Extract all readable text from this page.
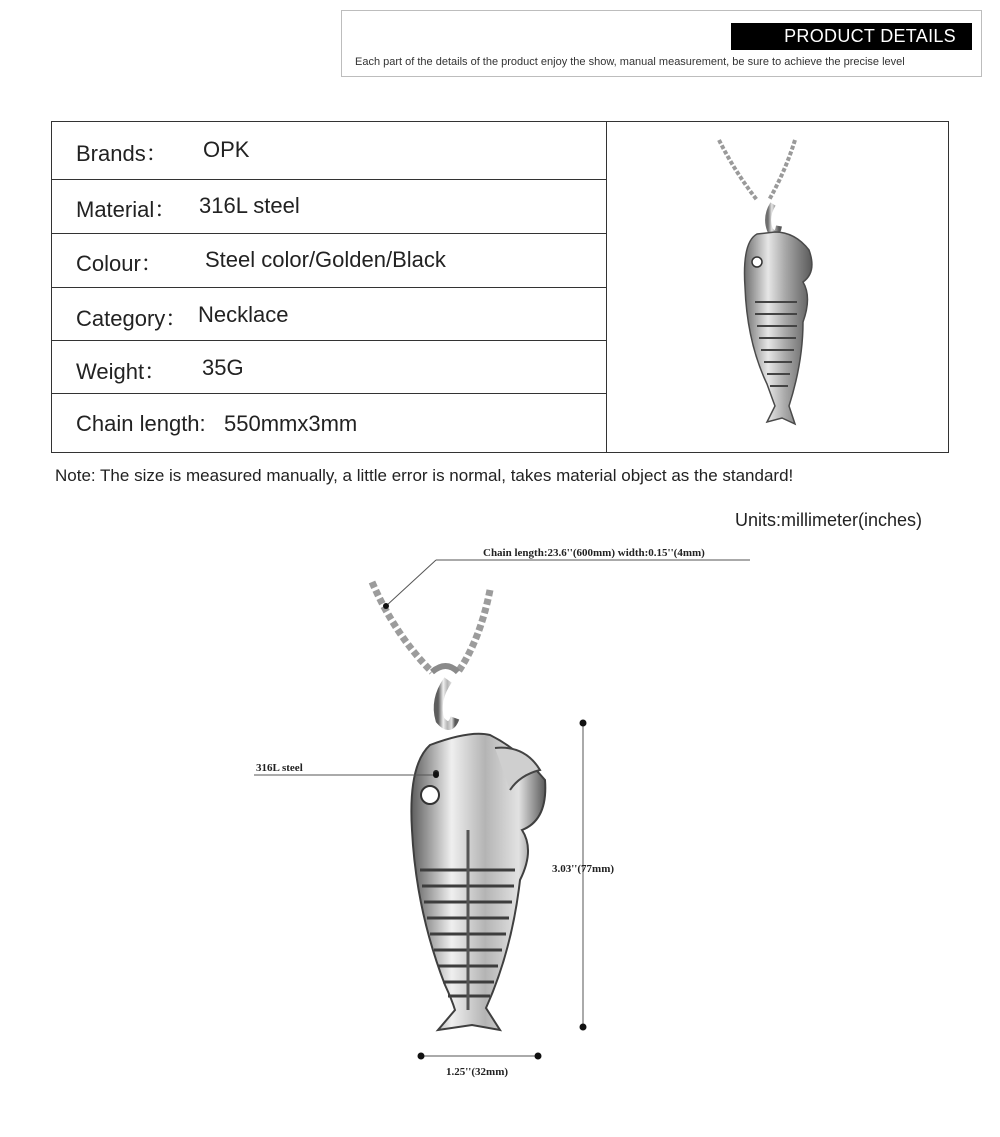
PRODUCT DETAILS
Each part of the details of the product enjoy the show, manual measurement, be sure to achieve the precise level
Brands： OPK
Material： 316L steel
Colour： Steel color/Golden/Black
Category： Necklace
Weight： 35G
Chain length: 550mmx3mm
Note: The size is measured manually, a little error is normal, takes material object as the standard!
Units:millimeter(inches)
Chain length:23.6''(600mm) width:0.15''(4mm)
316L steel
3.03''(77mm)
1.25''(32mm)
